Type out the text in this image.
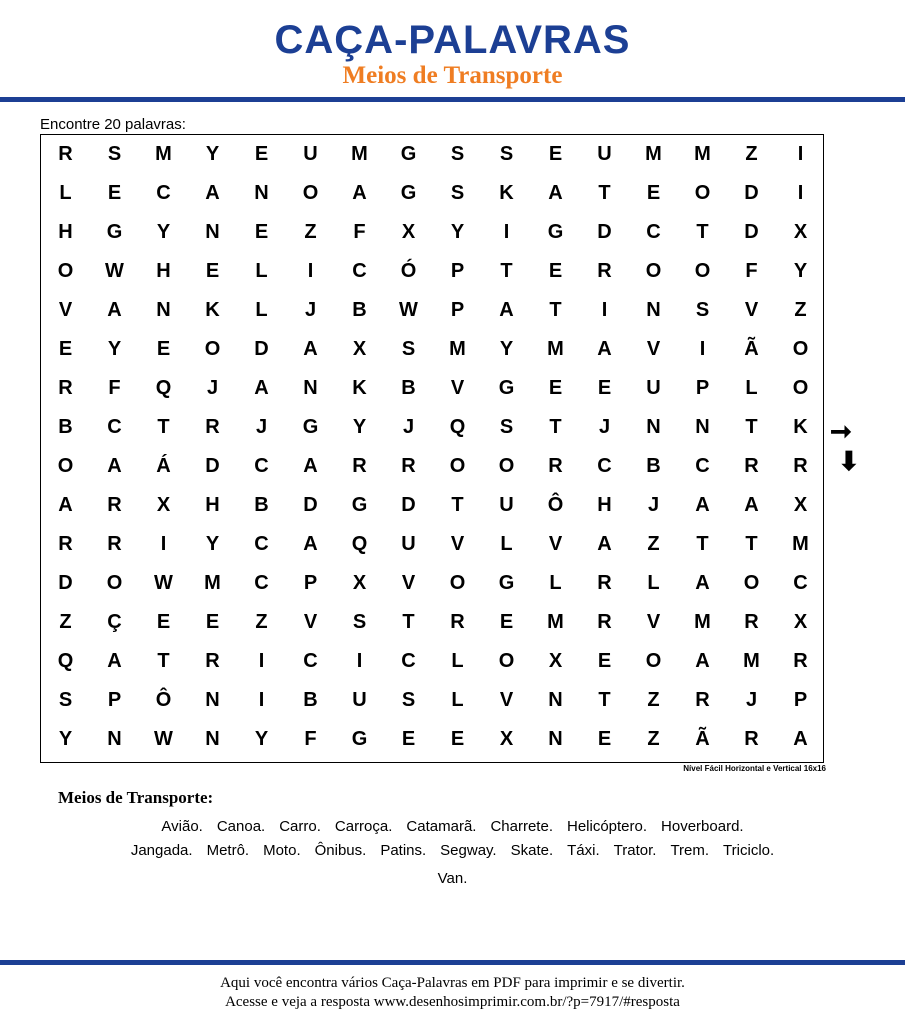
CAÇA-PALAVRAS
Meios de Transporte
Encontre 20 palavras:
R	S	M	Y	E	U	M	G	S	S	E	U	M	M	Z	I
L	E	C	A	N	O	A	G	S	K	A	T	E	O	D	I
H	G	Y	N	E	Z	F	X	Y	I	G	D	C	T	D	X
O	W	H	E	L	I	C	Ó	P	T	E	R	O	O	F	Y
V	A	N	K	L	J	B	W	P	A	T	I	N	S	V	Z
E	Y	E	O	D	A	X	S	M	Y	M	A	V	I	Ã	O
R	F	Q	J	A	N	K	B	V	G	E	E	U	P	L	O
B	C	T	R	J	G	Y	J	Q	S	T	J	N	N	T	K
O	A	Á	D	C	A	R	R	O	O	R	C	B	C	R	R
A	R	X	H	B	D	G	D	T	U	Ô	H	J	A	A	X
R	R	I	Y	C	A	Q	U	V	L	V	A	Z	T	T	M
D	O	W	M	C	P	X	V	O	G	L	R	L	A	O	C
Z	Ç	E	E	Z	V	S	T	R	E	M	R	V	M	R	X
Q	A	T	R	I	C	I	C	L	O	X	E	O	A	M	R
S	P	Ô	N	I	B	U	S	L	V	N	T	Z	R	J	P
Y	N	W	N	Y	F	G	E	E	X	N	E	Z	Ã	R	A
➞
⬇
Nível Fácil Horizontal e Vertical 16x16
Meios de Transporte:
Avião. Canoa. Carro. Carroça. Catamarã. Charrete. Helicóptero. Hoverboard.
Jangada. Metrô. Moto. Ônibus. Patins. Segway. Skate. Táxi. Trator. Trem. Triciclo.
Van.
Aqui você encontra vários Caça-Palavras em PDF para imprimir e se divertir.
Acesse e veja a resposta www.desenhosimprimir.com.br/?p=7917/#resposta
